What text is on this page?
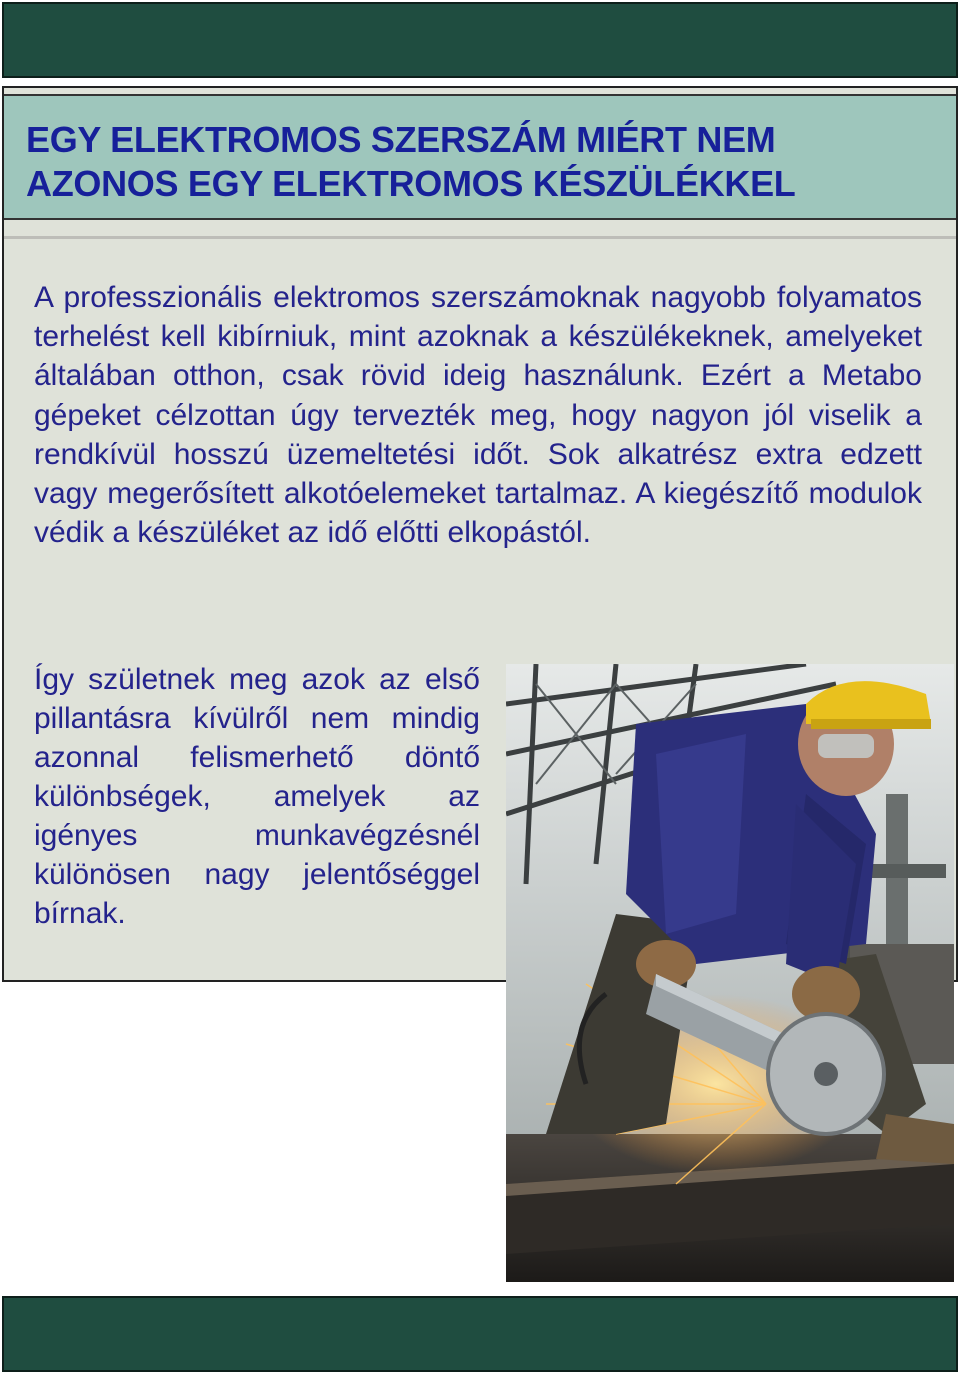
EGY ELEKTROMOS SZERSZÁM MIÉRT NEM
AZONOS EGY ELEKTROMOS KÉSZÜLÉKKEL

A professzionális elektromos szerszámoknak nagyobb folyamatos terhelést kell kibírniuk, mint azoknak a készülékeknek, amelyeket általában otthon, csak rövid ideig használunk. Ezért a Metabo gépeket célzottan úgy tervezték meg, hogy nagyon jól viselik a rendkívül hosszú üzemeltetési időt. Sok alkatrész extra edzett vagy megerősített alkotóelemeket tartalmaz. A kiegészítő modulok védik a készüléket az idő előtti elkopástól.

Így születnek meg azok az első pillantásra kívülről nem mindig azonnal felismerhető döntő különbségek, amelyek az igényes munkavégzésnél különösen nagy jelentőséggel bírnak.
